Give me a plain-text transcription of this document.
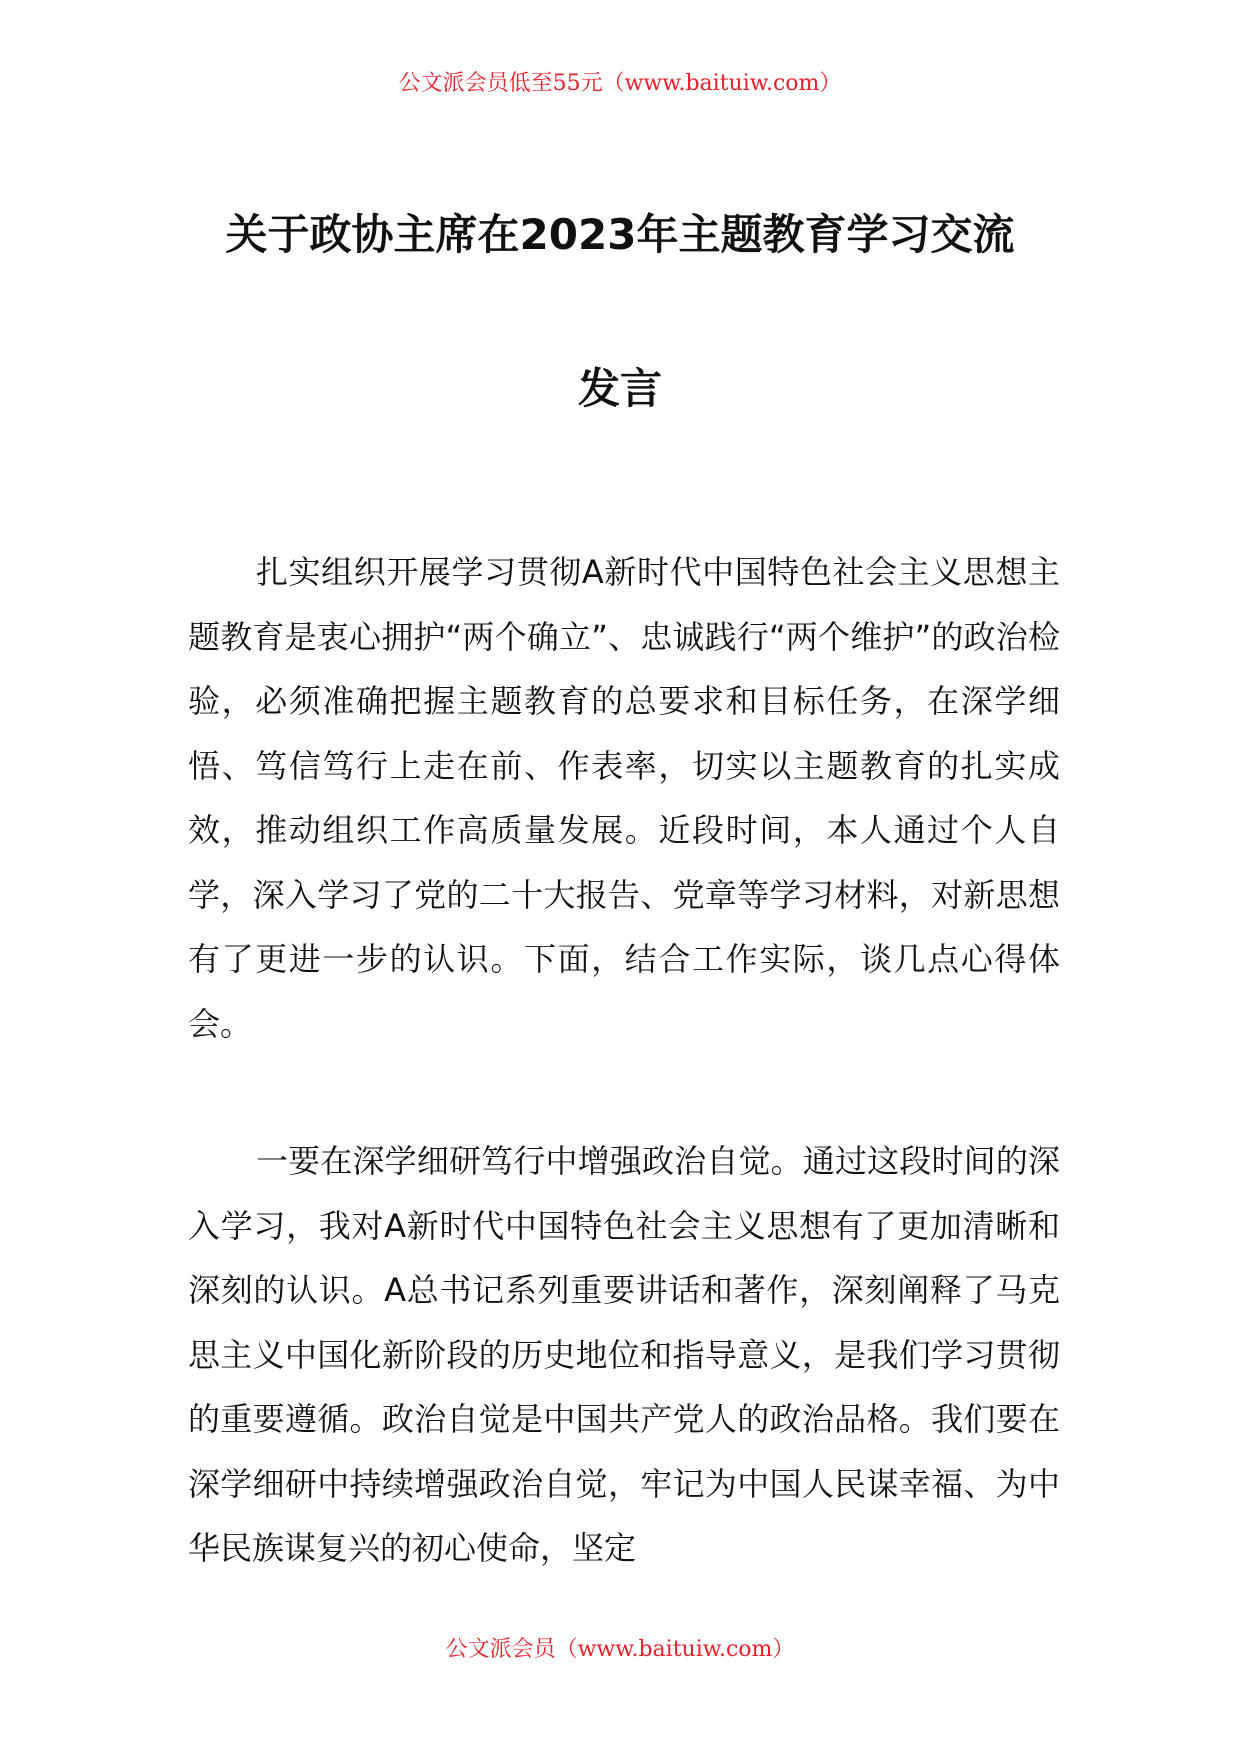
公文派会员低至55元（www.baituiw.com）
关于政协主席在2023年主题教育学习交流
发言

扎实组织开展学习贯彻A新时代中国特色社会主义思想主题教育是衷心拥护“两个确立”、忠诚践行“两个维护”的政治检验，必须准确把握主题教育的总要求和目标任务，在深学细悟、笃信笃行上走在前、作表率，切实以主题教育的扎实成效，推动组织工作高质量发展。近段时间，本人通过个人自学，深入学习了党的二十大报告、党章等学习材料，对新思想有了更进一步的认识。下面，结合工作实际，谈几点心得体会。

一要在深学细研笃行中增强政治自觉。通过这段时间的深入学习，我对A新时代中国特色社会主义思想有了更加清晰和深刻的认识。A总书记系列重要讲话和著作，深刻阐释了马克思主义中国化新阶段的历史地位和指导意义，是我们学习贯彻的重要遵循。政治自觉是中国共产党人的政治品格。我们要在深学细研中持续增强政治自觉，牢记为中国人民谋幸福、为中华民族谋复兴的初心使命，坚定

公文派会员（www.baituiw.com）
